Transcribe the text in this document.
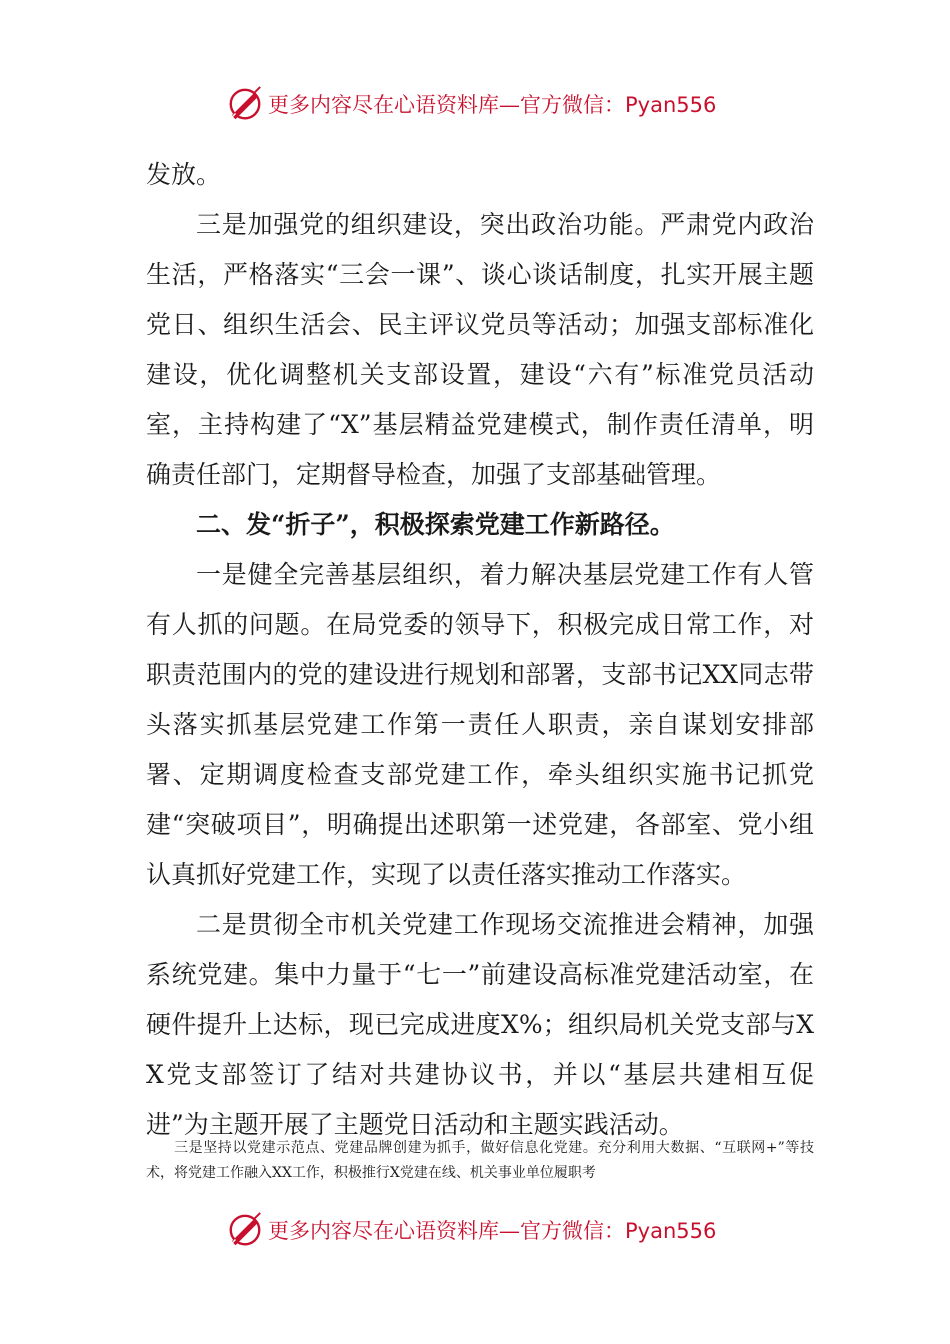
更多内容尽在心语资料库—官方微信：Pyan556

发放。

三是加强党的组织建设，突出政治功能。严肃党内政治生活，严格落实“三会一课”、谈心谈话制度，扎实开展主题党日、组织生活会、民主评议党员等活动；加强支部标准化建设，优化调整机关支部设置，建设“六有”标准党员活动室，主持构建了“X”基层精益党建模式，制作责任清单，明确责任部门，定期督导检查，加强了支部基础管理。

二、发“折子”，积极探索党建工作新路径。

一是健全完善基层组织，着力解决基层党建工作有人管有人抓的问题。在局党委的领导下，积极完成日常工作，对职责范围内的党的建设进行规划和部署，支部书记XX同志带头落实抓基层党建工作第一责任人职责，亲自谋划安排部署、定期调度检查支部党建工作，牵头组织实施书记抓党建“突破项目”，明确提出述职第一述党建，各部室、党小组认真抓好党建工作，实现了以责任落实推动工作落实。

二是贯彻全市机关党建工作现场交流推进会精神，加强系统党建。集中力量于“七一”前建设高标准党建活动室，在硬件提升上达标，现已完成进度X%；组织局机关党支部与XX党支部签订了结对共建协议书，并以“基层共建相互促进”为主题开展了主题党日活动和主题实践活动。

三是坚持以党建示范点、党建品牌创建为抓手，做好信息化党建。充分利用大数据、“互联网+”等技术，将党建工作融入XX工作，积极推行X党建在线、机关事业单位履职考

更多内容尽在心语资料库—官方微信：Pyan556
